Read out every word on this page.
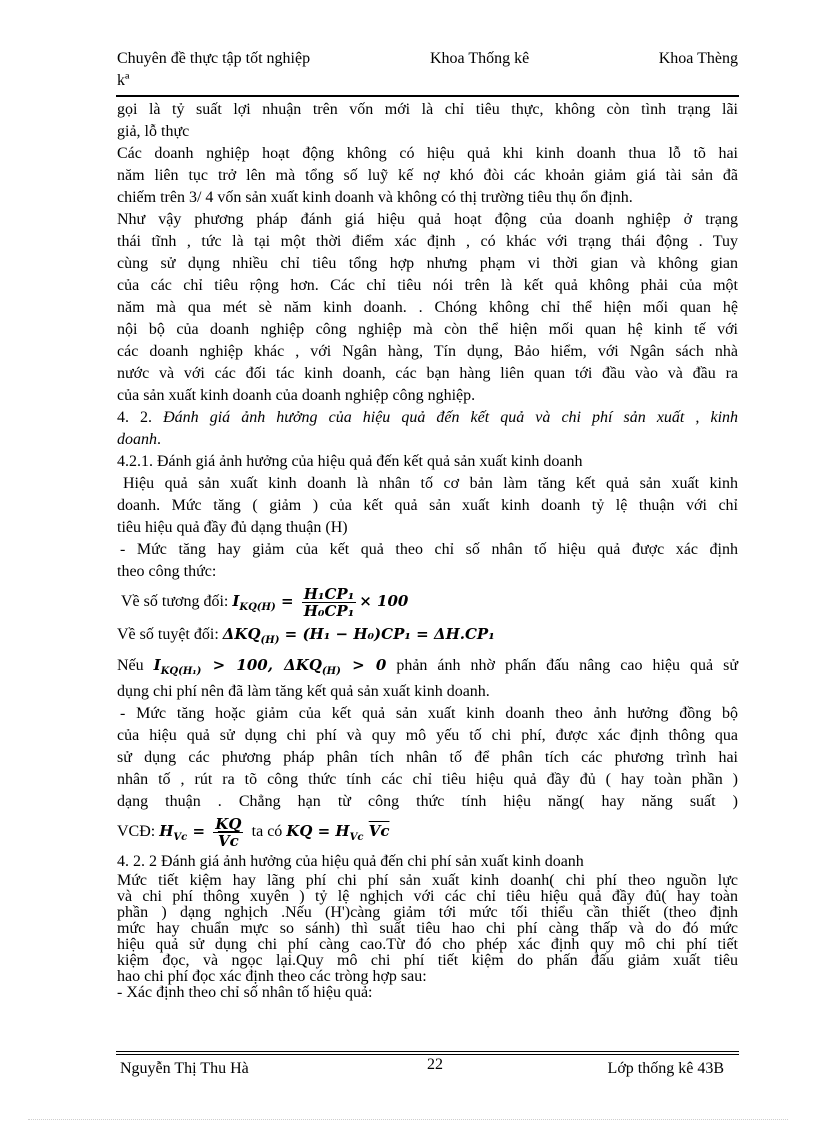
Chuyên đề thực tập tốt nghiệp	Khoa Thống kê	Khoa Thèng
kª
gọi là tỷ suất lợi nhuận trên vốn mới là chỉ tiêu thực, không còn tình trạng lãi
giả, lỗ thực
Các doanh nghiệp hoạt động không có hiệu quả khi kinh doanh thua lỗ tõ hai
năm liên tục trở lên mà tổng số luỹ kế nợ khó đòi các khoản giảm giá tài sản đã
chiếm trên 3/ 4 vốn sản xuất kinh doanh và không có thị trường tiêu thụ ổn định.
Như vậy phương pháp đánh giá hiệu quả hoạt động của doanh nghiệp ở trạng
thái tĩnh , tức là tại một thời điểm xác định , có khác với trạng thái động . Tuy
cùng sử dụng nhiều chỉ tiêu tổng hợp nhưng phạm vi thời gian và không gian
của các chỉ tiêu rộng hơn. Các chỉ tiêu nói trên là kết quả không phải của một
năm mà qua mét sè năm kinh doanh. . Chóng không chỉ thể hiện mối quan hệ
nội bộ của doanh nghiệp công nghiệp mà còn thể hiện mối quan hệ kinh tế với
các doanh nghiệp khác , với Ngân hàng, Tín dụng, Bảo hiểm, với Ngân sách nhà
nước và với các đối tác kinh doanh, các bạn hàng liên quan tới đầu vào và đầu ra
của sản xuất kinh doanh của doanh nghiệp công nghiệp.
4. 2. Đánh giá ảnh hưởng của hiệu quả đến kết quả và chi phí sản xuất , kinh
doanh.
4.2.1. Đánh giá ảnh hưởng của hiệu quả đến kết quả sản xuất kinh doanh
Hiệu quả sản xuất kinh doanh là nhân tố cơ bản làm tăng kết quả sản xuất kinh
doanh. Mức tăng ( giảm ) của kết quả sản xuất kinh doanh tỷ lệ thuận với chỉ
tiêu hiệu quả đầy đủ dạng thuận (H)
- Mức tăng hay giảm của kết quả theo chỉ số nhân tố hiệu quả được xác định
theo công thức:
Về số tương đối: $I_{KQ(H)} = \frac{\text{H₁CP₁}}{\text{H₀CP₁}} \times 100$
Về số tuyệt đối: $\Delta KQ_{(H)} = (H_1 - H_0)CP_1 = \Delta H.CP_1$
Nếu $I_{KQ(H_1)} > 100$, $\Delta KQ_{(H)} > 0$ phản ánh nhờ phấn đấu nâng cao hiệu quả sử
dụng chi phí nên đã làm tăng kết quả sản xuất kinh doanh.
- Mức tăng hoặc giảm của kết quả sản xuất kinh doanh theo ảnh hưởng đồng bộ
của hiệu quả sử dụng chi phí và quy mô yếu tố chi phí, được xác định thông qua
sử dụng các phương pháp phân tích nhân tố để phân tích các phương trình hai
nhân tố , rút ra tõ công thức tính các chỉ tiêu hiệu quả đầy đủ ( hay toàn phần )
dạng thuận . Chẳng hạn từ công thức tính hiệu năng( hay năng suất )
VCĐ: $H_{Vc} = \frac{KQ}{Vc}$ ta có KQ = $H_{Vc}$ $\overline{Vc}$
4. 2. 2 Đánh giá ảnh hưởng của hiệu quả đến chi phí sản xuất kinh doanh
Mức tiết kiệm hay lãng phí chi phí sản xuất kinh doanh( chi phí theo nguồn lực
và chi phí thông xuyên ) tỷ lệ nghịch với các chỉ tiêu hiệu quả đầy đủ( hay toàn
phần ) dạng nghịch .Nếu (H')càng giảm tới mức tối thiểu cần thiết (theo định
mức hay chuẩn mực so sánh) thì suất tiêu hao chi phí càng thấp và do đó mức
hiệu quả sử dụng chi phí càng cao.Từ đó cho phép xác định quy mô chi phí tiết
kiệm đọc, và ngọc lại.Quy mô chi phí tiết kiệm do phấn đấu giảm xuất tiêu
hao chi phí đọc xác định theo các tròng hợp sau:
- Xác định theo chỉ số nhân tố hiệu quả:
Nguyễn Thị Thu Hà	22	Lớp thống kê 43B
